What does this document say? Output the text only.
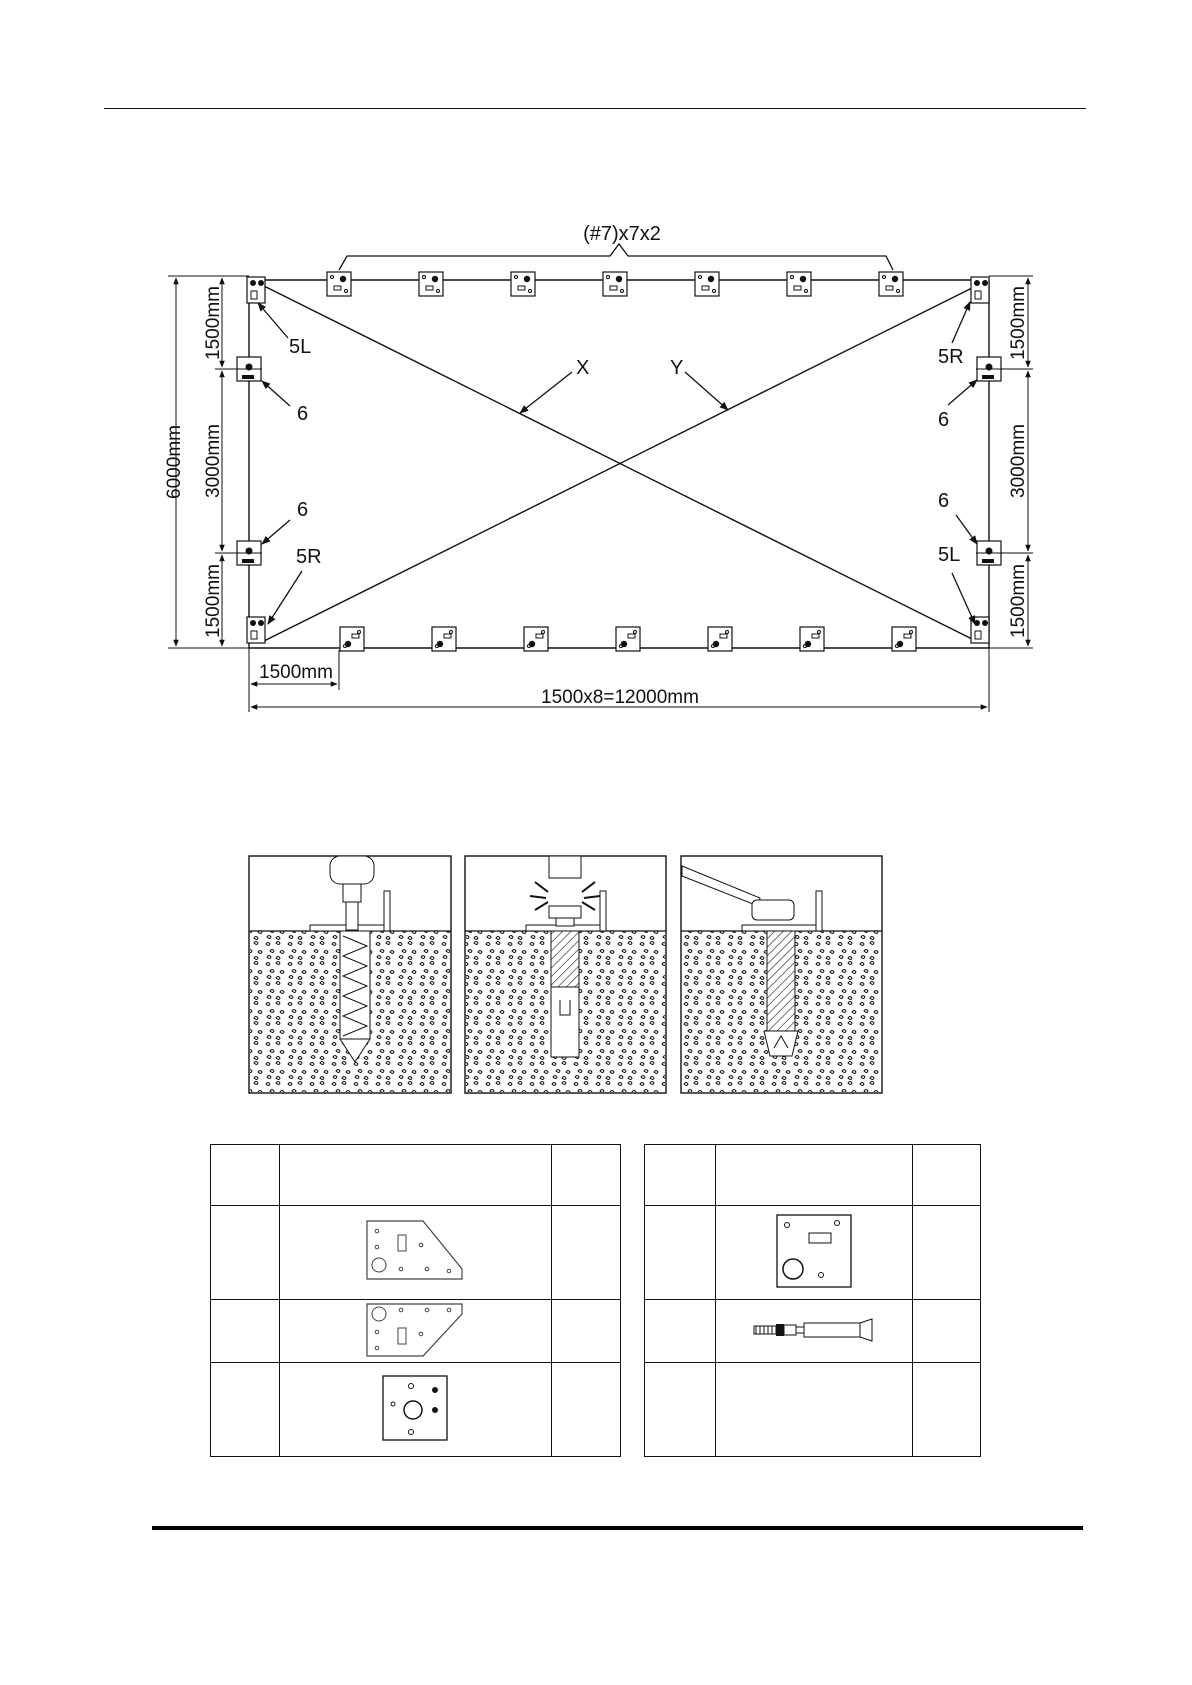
(#7)x7x2
X	Y
5L
6
6
5R
5R
6
6
5L
6000mm
1500mm
3000mm
1500mm
1500mm
3000mm
1500mm
1500mm
1500x8=12000mm
